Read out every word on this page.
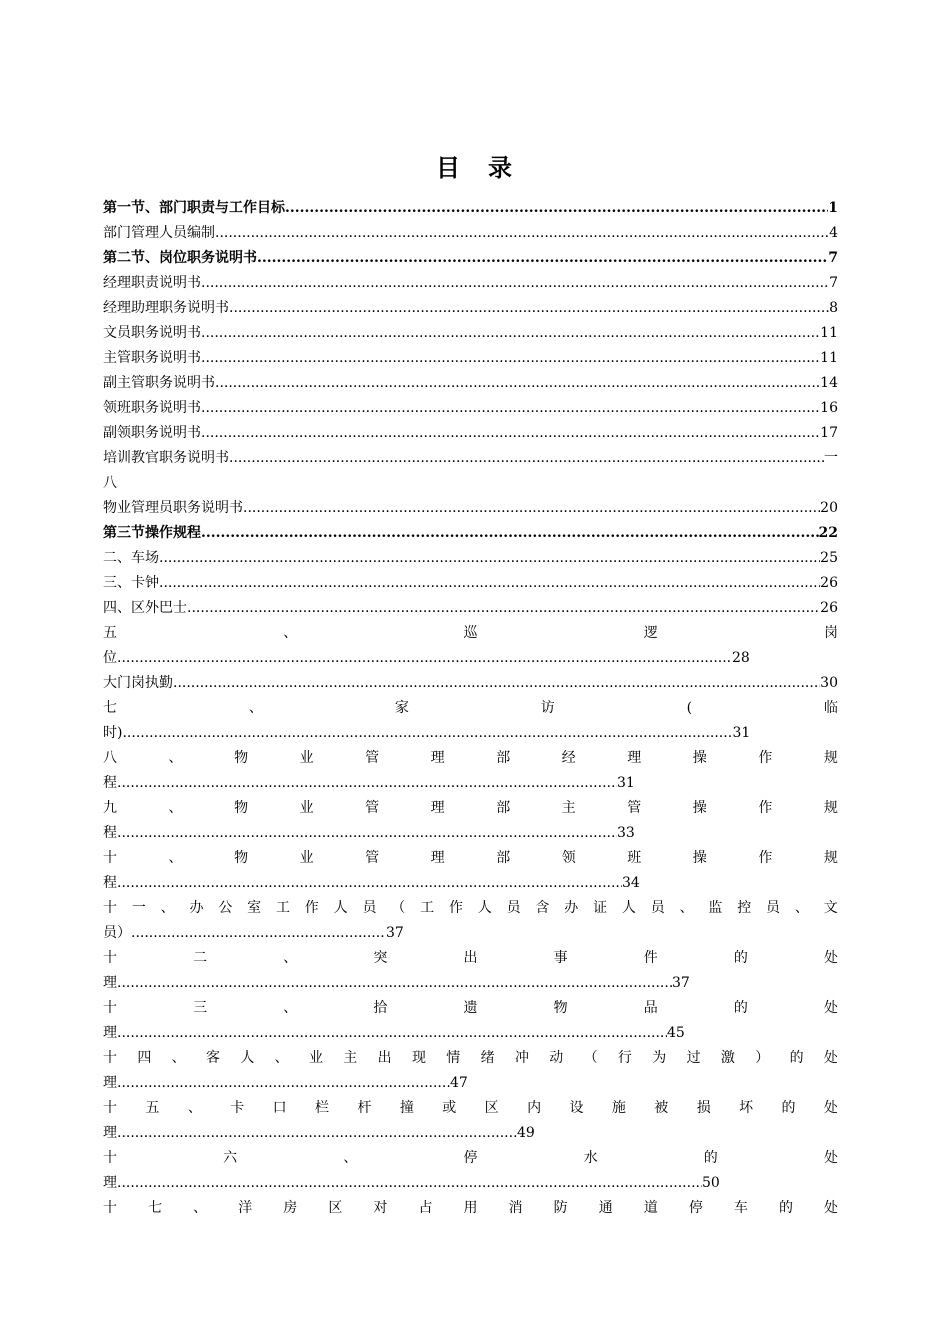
目　录
第一节、部门职责与工作目标 .....	1
部门管理人员编制 .....	4
第二节、岗位职务说明书 .....	7
经理职责说明书 .....	7
经理助理职务说明书 .....	8
文员职务说明书 .....	11
主管职务说明书 .....	11
副主管职务说明书 .....	14
领班职务说明书 .....	16
副领职务说明书 .....	17
培训教官职务说明书 .....	一
八
物业管理员职务说明书 .....	20
第三节操作规程 .....	22
二、车场 .....	25
三、卡钟 .....	26
四、区外巴士 .....	26
五	、	巡	逻	岗
位 .....	28
大门岗执勤 .....	30
七	、	家	访	(	临
时) .....	31
八	、	物	业	管	理	部	经	理	操	作	规
程 .....	31
九	、	物	业	管	理	部	主	管	操	作	规
程 .....	33
十	、	物	业	管	理	部	领	班	操	作	规
程 .....	34
十 一 、 办 公 室 工 作 人 员 （ 工 作 人 员 含 办 证 人 员 、 监 控 员 、 文
员） .....	37
十	二	、	突	出	事	件	的	处
理 .....	37
十	三	、	拾	遗	物	品	的	处
理 .....	45
十 四 、 客 人 、 业 主 出 现 情 绪 冲 动 （ 行 为 过 激 ） 的 处
理 .....	47
十 五 、 卡 口 栏 杆 撞 或 区 内 设 施 被 损 坏 的 处
理 .....	49
十	六	、	停	水	的	处
理 .....	50
十 七 、 洋 房 区 对 占 用 消 防 通 道 停 车 的 处
